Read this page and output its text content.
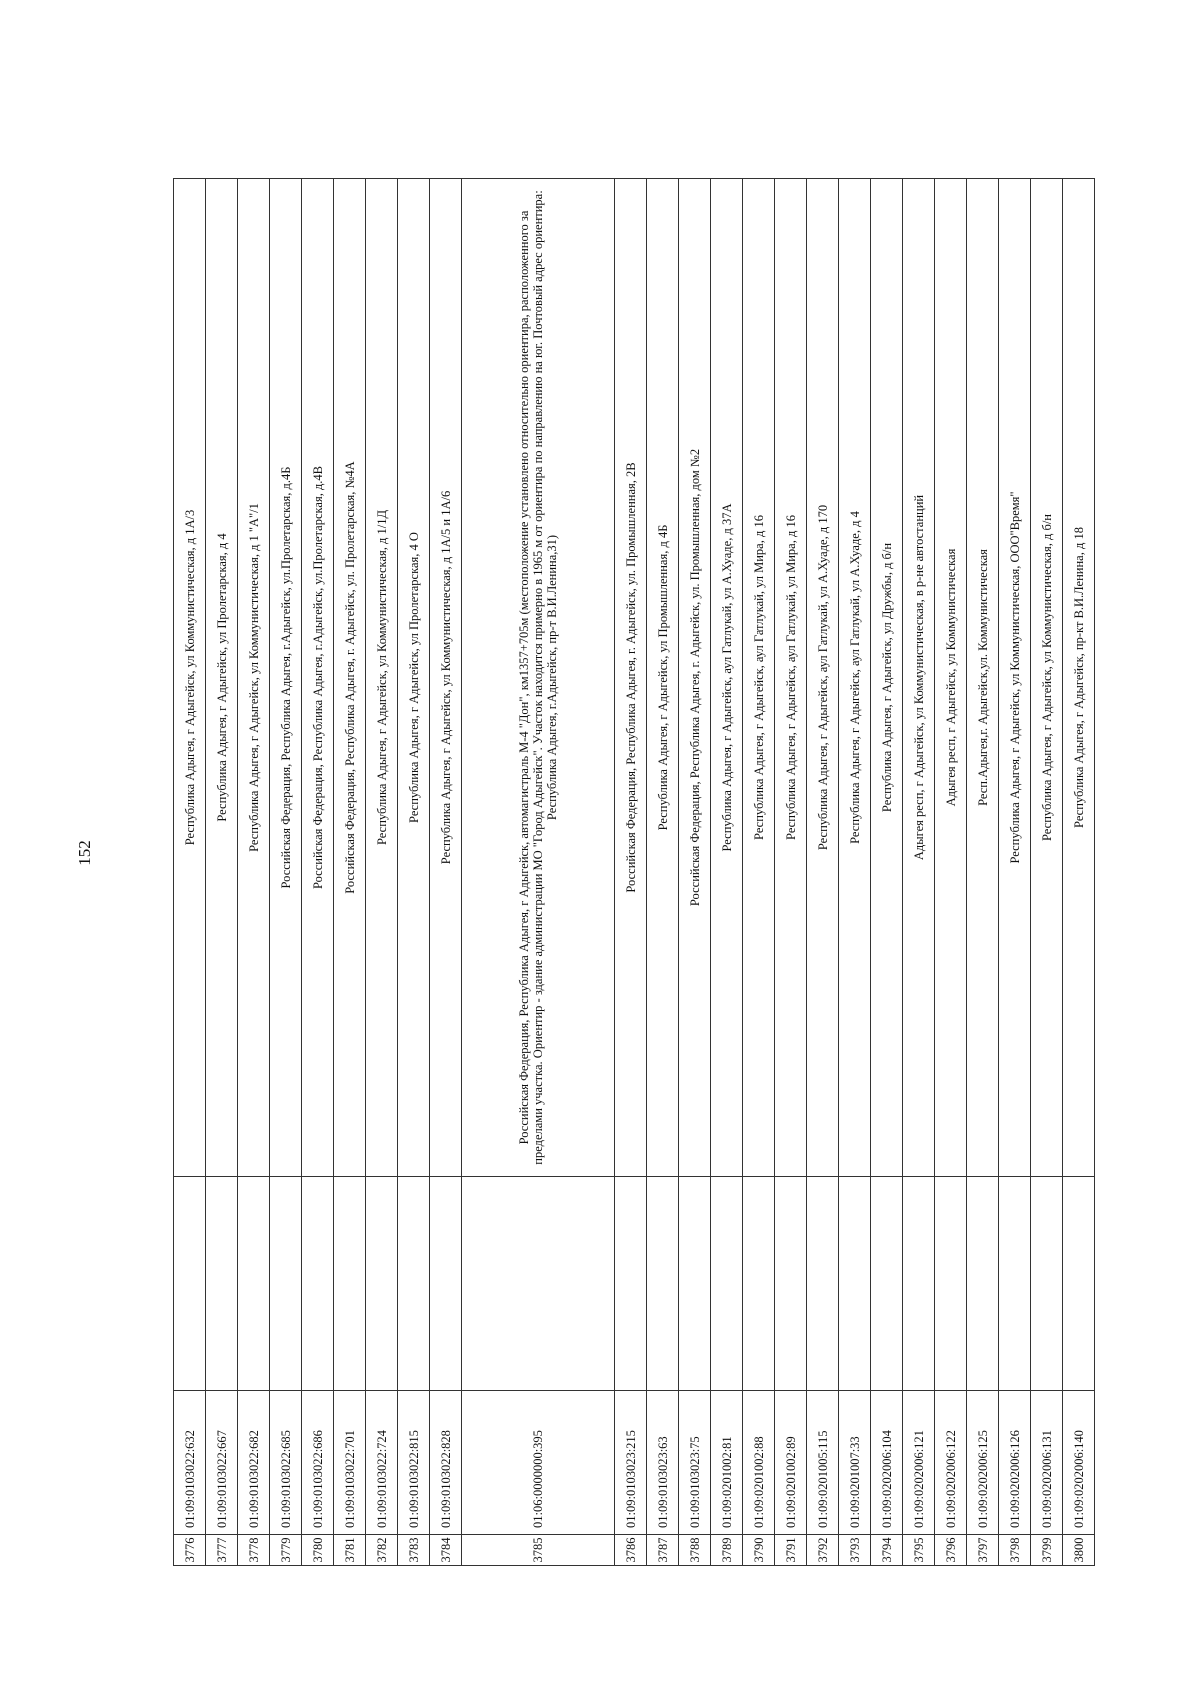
152
3776	01:09:0103022:632		Республика Адыгея, г Адыгейск, ул Коммунистическая, д 1А/3
3777	01:09:0103022:667		Республика Адыгея, г Адыгейск, ул Пролетарская, д 4
3778	01:09:0103022:682		Республика Адыгея, г Адыгейск, ул Коммунистическая, д 1 "А"/1
3779	01:09:0103022:685		Российская Федерация, Республика Адыгея, г.Адыгейск, ул.Пролетарская, д.4Б
3780	01:09:0103022:686		Российская Федерация, Республика Адыгея, г.Адыгейск, ул.Пролетарская, д.4В
3781	01:09:0103022:701		Российская Федерация, Республика Адыгея, г. Адыгейск, ул. Пролетарская, №4А
3782	01:09:0103022:724		Республика Адыгея, г Адыгейск, ул Коммунистическая, д 1/1Д
3783	01:09:0103022:815		Республика Адыгея, г Адыгейск, ул Пролетарская, 4 О
3784	01:09:0103022:828		Республика Адыгея, г Адыгейск, ул Коммунистическая, д 1А/5 и 1А/6
3785	01:06:0000000:395		Российская Федерация, Республика Адыгея, г Адыгейск, автомагистраль М-4 "Дон", км1357+705м (местоположение установлено относительно ориентира, расположенного за пределами участка. Ориентир - здание администрации МО "Город Адыгейск". Участок находится примерно в 1965 м от ориентира по направлению на юг. Почтовый адрес ориентира: Республика Адыгея, г.Адыгейск, пр-т В.И.Ленина,31)
3786	01:09:0103023:215		Российская Федерация, Республика Адыгея, г. Адыгейск, ул. Промышленная, 2В
3787	01:09:0103023:63		Республика Адыгея, г Адыгейск, ул Промышленная, д 4Б
3788	01:09:0103023:75		Российская Федерация, Республика Адыгея, г. Адыгейск, ул. Промышленная, дом №2
3789	01:09:0201002:81		Республика Адыгея, г Адыгейск, аул Гатлукай, ул А.Хуаде, д 37А
3790	01:09:0201002:88		Республика Адыгея, г Адыгейск, аул Гатлукай, ул Мира, д 16
3791	01:09:0201002:89		Республика Адыгея, г Адыгейск, аул Гатлукай, ул Мира, д 16
3792	01:09:0201005:115		Республика Адыгея, г Адыгейск, аул Гатлукай, ул А.Хуаде, д 170
3793	01:09:0201007:33		Республика Адыгея, г Адыгейск, аул Гатлукай, ул А.Хуаде, д 4
3794	01:09:0202006:104		Республика Адыгея, г Адыгейск, ул Дружбы, д б/н
3795	01:09:0202006:121		Адыгея респ, г Адыгейск, ул Коммунистическая, в р-не автостанций
3796	01:09:0202006:122		Адыгея респ, г Адыгейск, ул Коммунистическая
3797	01:09:0202006:125		Респ.Адыгея,г. Адыгейск,ул. Коммунистическая
3798	01:09:0202006:126		Республика Адыгея, г Адыгейск, ул Коммунистическая, ООО"Время"
3799	01:09:0202006:131		Республика Адыгея, г Адыгейск, ул Коммунистическая, д б/н
3800	01:09:0202006:140		Республика Адыгея, г Адыгейск, пр-кт В.И.Ленина, д 18
